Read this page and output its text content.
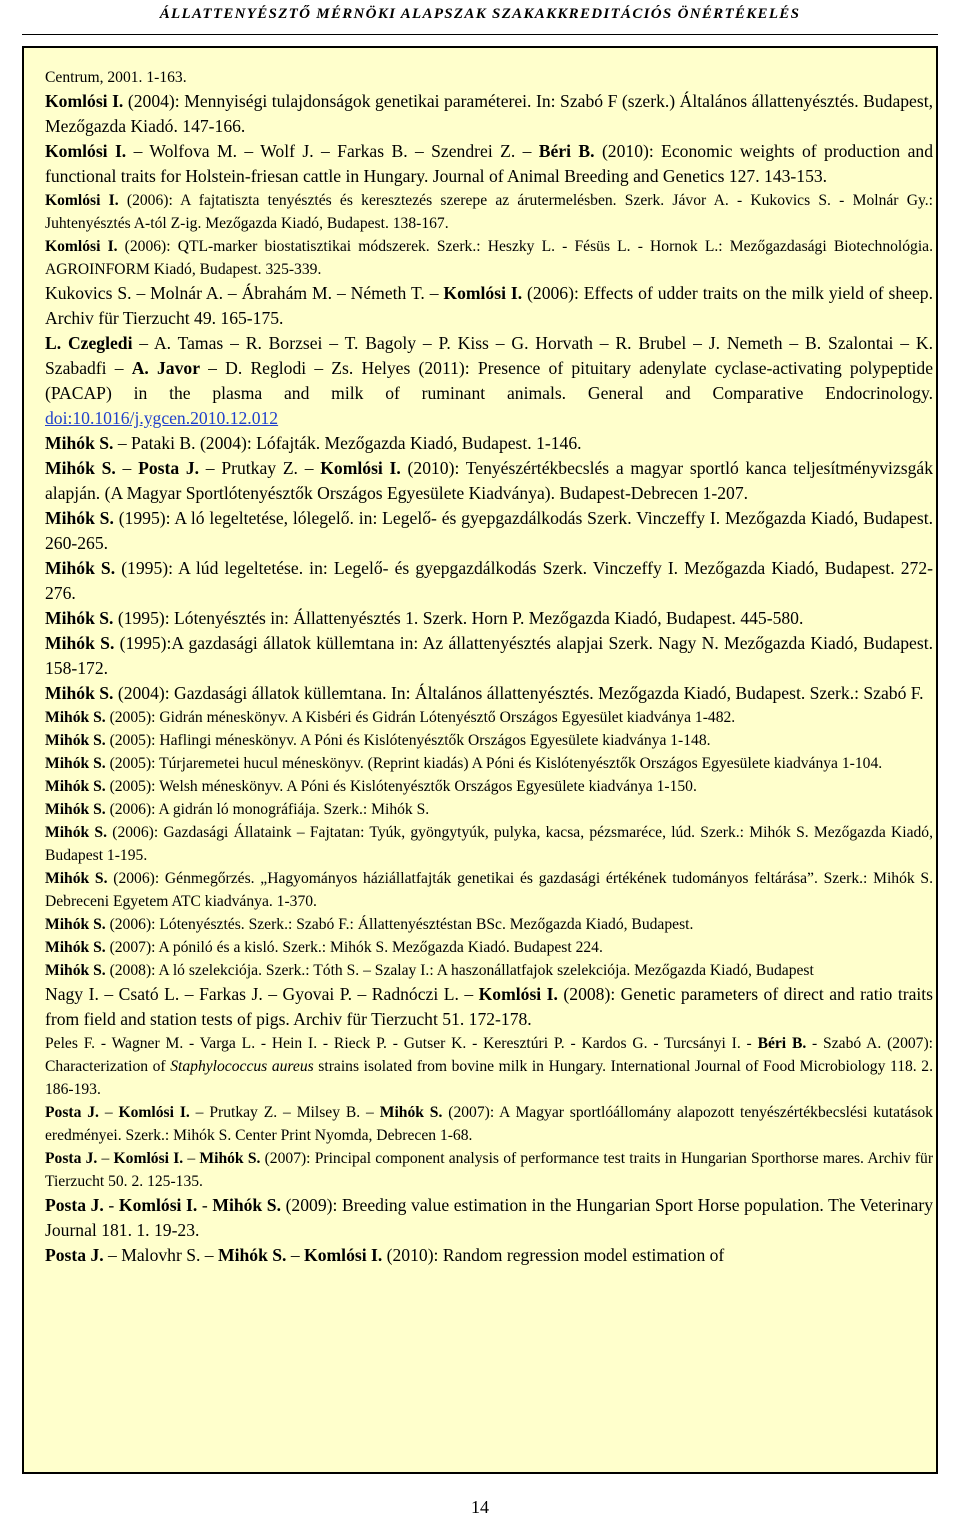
ÁLLATTENYÉSZTŐ MÉRNÖKI ALAPSZAK SZAKAKKREDITÁCIÓS ÖNÉRTÉKELÉS

Centrum, 2001. 1-163.

Komlósi I. (2004): Mennyiségi tulajdonságok genetikai paraméterei. In: Szabó F (szerk.) Általános állattenyésztés. Budapest, Mezőgazda Kiadó. 147-166.

Komlósi I. – Wolfova M. – Wolf J. – Farkas B. – Szendrei Z. – Béri B. (2010): Economic weights of production and functional traits for Holstein-friesan cattle in Hungary. Journal of Animal Breeding and Genetics 127. 143-153.

Komlósi I. (2006): A fajtatiszta tenyésztés és keresztezés szerepe az árutermelésben. Szerk. Jávor A. - Kukovics S. - Molnár Gy.: Juhtenyésztés A-tól Z-ig. Mezőgazda Kiadó, Budapest. 138-167.

Komlósi I. (2006): QTL-marker biostatisztikai módszerek. Szerk.: Heszky L. - Fésüs L. - Hornok L.: Mezőgazdasági Biotechnológia. AGROINFORM Kiadó, Budapest. 325-339.

Kukovics S. – Molnár A. – Ábrahám M. – Németh T. – Komlósi I. (2006): Effects of udder traits on the milk yield of sheep. Archiv für Tierzucht 49. 165-175.

L. Czegledi – A. Tamas – R. Borzsei – T. Bagoly – P. Kiss – G. Horvath – R. Brubel – J. Nemeth – B. Szalontai – K. Szabadfi – A. Javor – D. Reglodi – Zs. Helyes (2011): Presence of pituitary adenylate cyclase-activating polypeptide (PACAP) in the plasma and milk of ruminant animals. General and Comparative Endocrinology. doi:10.1016/j.ygcen.2010.12.012

Mihók S. – Pataki B. (2004): Lófajták. Mezőgazda Kiadó, Budapest. 1-146.

Mihók S. – Posta J. – Prutkay Z. – Komlósi I. (2010): Tenyészértékbecslés a magyar sportló kanca teljesítményvizsgák alapján. (A Magyar Sportlótenyésztők Országos Egyesülete Kiadványa). Budapest-Debrecen 1-207.

Mihók S. (1995): A ló legeltetése, lólegelő. in: Legelő- és gyepgazdálkodás Szerk. Vinczeffy I. Mezőgazda Kiadó, Budapest. 260-265.

Mihók S. (1995): A lúd legeltetése. in: Legelő- és gyepgazdálkodás Szerk. Vinczeffy I. Mezőgazda Kiadó, Budapest. 272-276.

Mihók S. (1995): Lótenyésztés in: Állattenyésztés 1. Szerk. Horn P. Mezőgazda Kiadó, Budapest. 445-580.

Mihók S. (1995):A gazdasági állatok küllemtana in: Az állattenyésztés alapjai Szerk. Nagy N. Mezőgazda Kiadó, Budapest. 158-172.

Mihók S. (2004): Gazdasági állatok küllemtana. In: Általános állattenyésztés. Mezőgazda Kiadó, Budapest. Szerk.: Szabó F.

Mihók S. (2005): Gidrán méneskönyv. A Kisbéri és Gidrán Lótenyésztő Országos Egyesület kiadványa 1-482.

Mihók S. (2005): Haflingi méneskönyv. A Póni és Kislótenyésztők Országos Egyesülete kiadványa 1-148.

Mihók S. (2005): Túrjaremetei hucul méneskönyv. (Reprint kiadás) A Póni és Kislótenyésztők Országos Egyesülete kiadványa 1-104.

Mihók S. (2005): Welsh méneskönyv. A Póni és Kislótenyésztők Országos Egyesülete kiadványa 1-150.

Mihók S. (2006): A gidrán ló monográfiája. Szerk.: Mihók S.

Mihók S. (2006): Gazdasági Állataink – Fajtatan: Tyúk, gyöngytyúk, pulyka, kacsa, pézsmaréce, lúd. Szerk.: Mihók S. Mezőgazda Kiadó, Budapest 1-195.

Mihók S. (2006): Génmegőrzés. „Hagyományos háziállatfajták genetikai és gazdasági értékének tudományos feltárása”. Szerk.: Mihók S. Debreceni Egyetem ATC kiadványa. 1-370.

Mihók S. (2006): Lótenyésztés. Szerk.: Szabó F.: Állattenyésztéstan BSc. Mezőgazda Kiadó, Budapest.

Mihók S. (2007): A póniló és a kisló. Szerk.: Mihók S. Mezőgazda Kiadó. Budapest 224.

Mihók S. (2008): A ló szelekciója. Szerk.: Tóth S. – Szalay I.: A haszonállatfajok szelekciója. Mezőgazda Kiadó, Budapest

Nagy I. – Csató L. – Farkas J. – Gyovai P. – Radnóczi L. – Komlósi I. (2008): Genetic parameters of direct and ratio traits from field and station tests of pigs. Archiv für Tierzucht 51. 172-178.

Peles F. - Wagner M. - Varga L. - Hein I. - Rieck P. - Gutser K. - Keresztúri P. - Kardos G. - Turcsányi I. - Béri B. - Szabó A. (2007): Characterization of Staphylococcus aureus strains isolated from bovine milk in Hungary. International Journal of Food Microbiology 118. 2. 186-193.

Posta J. – Komlósi I. – Prutkay Z. – Milsey B. – Mihók S. (2007): A Magyar sportlóállomány alapozott tenyészértékbecslési kutatások eredményei. Szerk.: Mihók S. Center Print Nyomda, Debrecen 1-68.

Posta J. – Komlósi I. – Mihók S. (2007): Principal component analysis of performance test traits in Hungarian Sporthorse mares. Archiv für Tierzucht 50. 2. 125-135.

Posta J. - Komlósi I. - Mihók S. (2009): Breeding value estimation in the Hungarian Sport Horse population. The Veterinary Journal 181. 1. 19-23.

Posta J. – Malovhr S. – Mihók S. – Komlósi I. (2010): Random regression model estimation of

14
